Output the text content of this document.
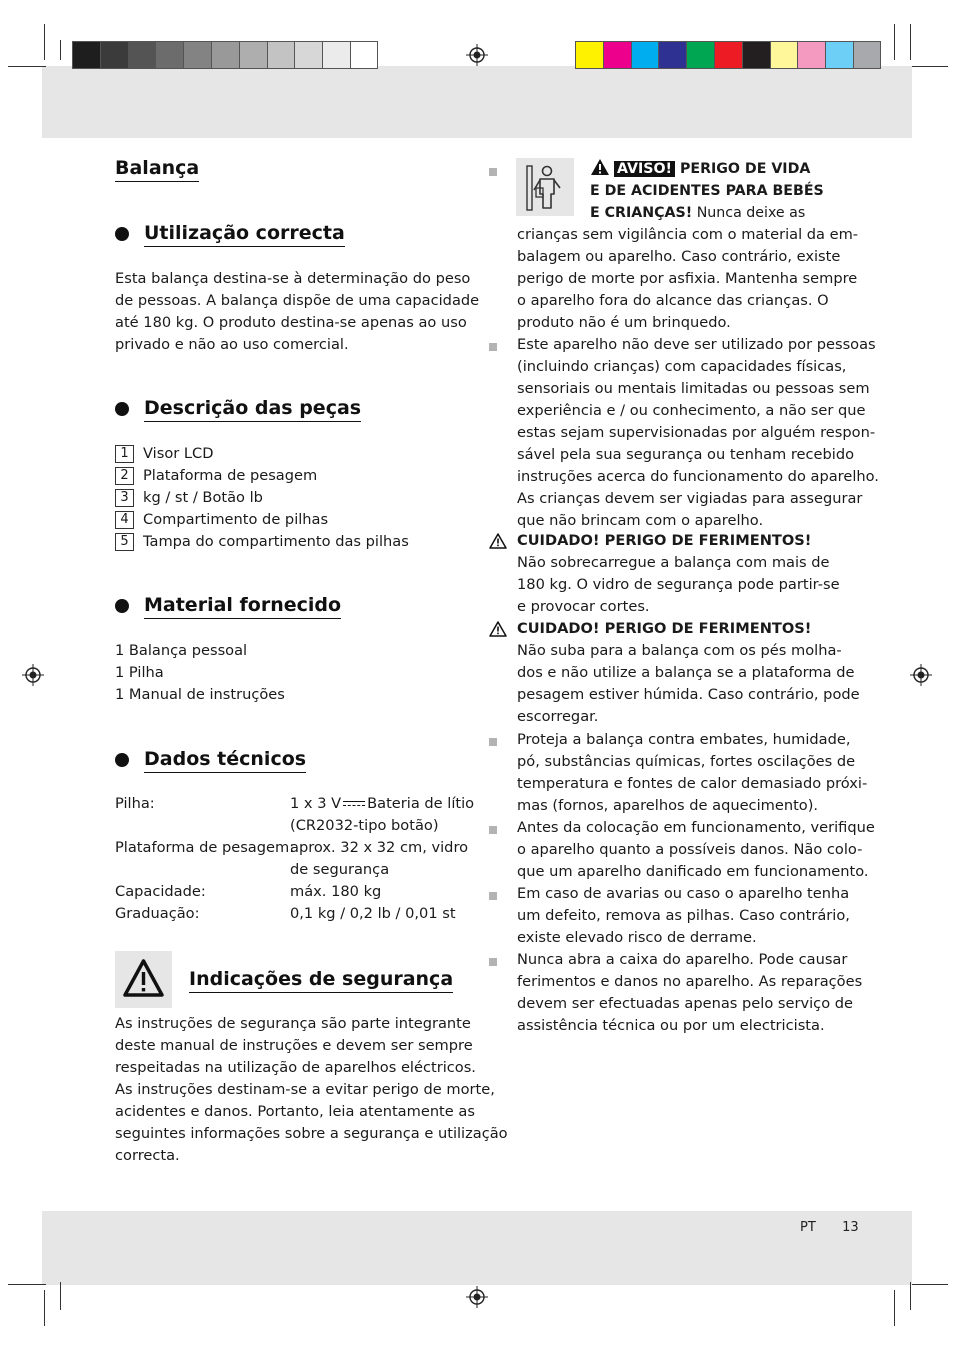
Balança
Utilização correcta
Esta balança destina-se à determinação do peso
de pessoas. A balança dispõe de uma capacidade
até 180 kg. O produto destina-se apenas ao uso
privado e não ao uso comercial.
Descrição das peças
1 Visor LCD
2 Plataforma de pesagem
3 kg / st / Botão lb
4 Compartimento de pilhas
5 Tampa do compartimento das pilhas
Material fornecido
1 Balança pessoal
1 Pilha
1 Manual de instruções
Dados técnicos
Pilha:	1 x 3 V Bateria de lítio
(CR2032-tipo botão)
Plataforma de pesagem:
aprox. 32 x 32 cm, vidro
de segurança
Capacidade:	máx. 180 kg
Graduação:	0,1 kg / 0,2 lb / 0,01 st
Indicações de segurança
As instruções de segurança são parte integrante
deste manual de instruções e devem ser sempre
respeitadas na utilização de aparelhos eléctricos.
As instruções destinam-se a evitar perigo de morte,
acidentes e danos. Portanto, leia atentamente as
seguintes informações sobre a segurança e utilização
correcta.
AVISO! PERIGO DE VIDA
E DE ACIDENTES PARA BEBÉS
E CRIANÇAS! Nunca deixe as
crianças sem vigilância com o material da em-
balagem ou aparelho. Caso contrário, existe
perigo de morte por asfixia. Mantenha sempre
o aparelho fora do alcance das crianças. O
produto não é um brinquedo.
Este aparelho não deve ser utilizado por pessoas
(incluindo crianças) com capacidades físicas,
sensoriais ou mentais limitadas ou pessoas sem
experiência e / ou conhecimento, a não ser que
estas sejam supervisionadas por alguém respon-
sável pela sua segurança ou tenham recebido
instruções acerca do funcionamento do aparelho.
As crianças devem ser vigiadas para assegurar
que não brincam com o aparelho.
CUIDADO! PERIGO DE FERIMENTOS!
Não sobrecarregue a balança com mais de
180 kg. O vidro de segurança pode partir-se
e provocar cortes.
CUIDADO! PERIGO DE FERIMENTOS!
Não suba para a balança com os pés molha-
dos e não utilize a balança se a plataforma de
pesagem estiver húmida. Caso contrário, pode
escorregar.
Proteja a balança contra embates, humidade,
pó, substâncias químicas, fortes oscilações de
temperatura e fontes de calor demasiado próxi-
mas (fornos, aparelhos de aquecimento).
Antes da colocação em funcionamento, verifique
o aparelho quanto a possíveis danos. Não colo-
que um aparelho danificado em funcionamento.
Em caso de avarias ou caso o aparelho tenha
um defeito, remova as pilhas. Caso contrário,
existe elevado risco de derrame.
Nunca abra a caixa do aparelho. Pode causar
ferimentos e danos no aparelho. As reparações
devem ser efectuadas apenas pelo serviço de
assistência técnica ou por um electricista.
PT 13
